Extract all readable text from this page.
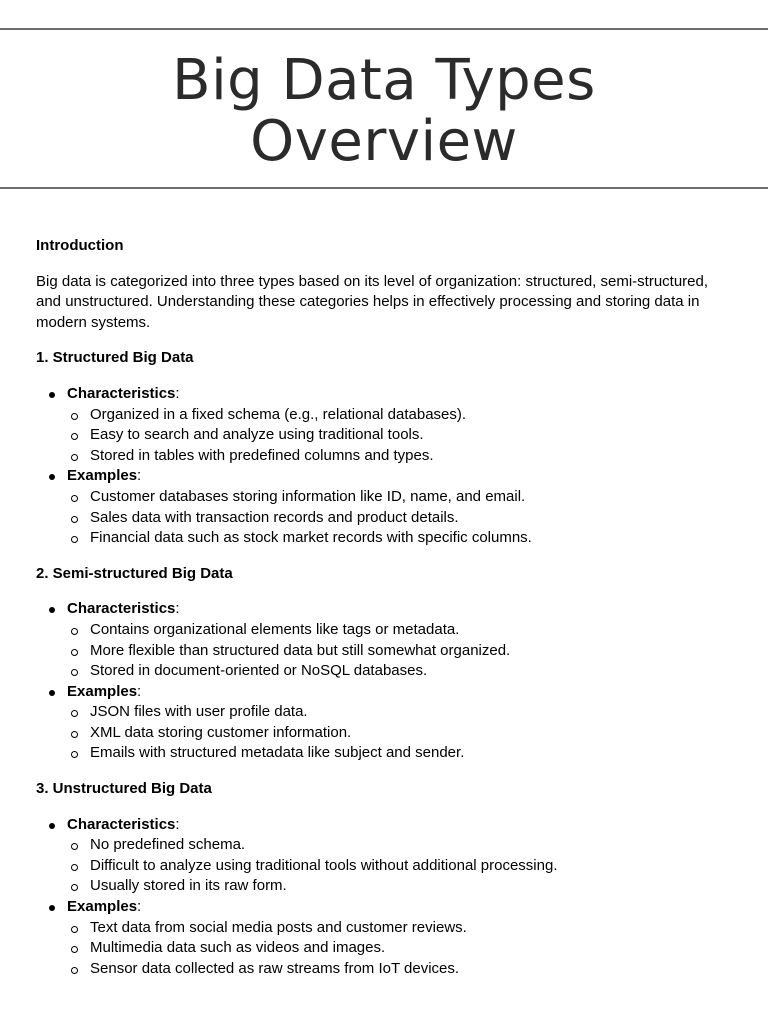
Big Data Types
Overview
Introduction

Big data is categorized into three types based on its level of organization: structured, semi-structured, and unstructured. Understanding these categories helps in effectively processing and storing data in modern systems.

1. Structured Big Data
Characteristics:
Organized in a fixed schema (e.g., relational databases).
Easy to search and analyze using traditional tools.
Stored in tables with predefined columns and types.
Examples:
Customer databases storing information like ID, name, and email.
Sales data with transaction records and product details.
Financial data such as stock market records with specific columns.
2. Semi-structured Big Data
Characteristics:
Contains organizational elements like tags or metadata.
More flexible than structured data but still somewhat organized.
Stored in document-oriented or NoSQL databases.
Examples:
JSON files with user profile data.
XML data storing customer information.
Emails with structured metadata like subject and sender.
3. Unstructured Big Data
Characteristics:
No predefined schema.
Difficult to analyze using traditional tools without additional processing.
Usually stored in its raw form.
Examples:
Text data from social media posts and customer reviews.
Multimedia data such as videos and images.
Sensor data collected as raw streams from IoT devices.
